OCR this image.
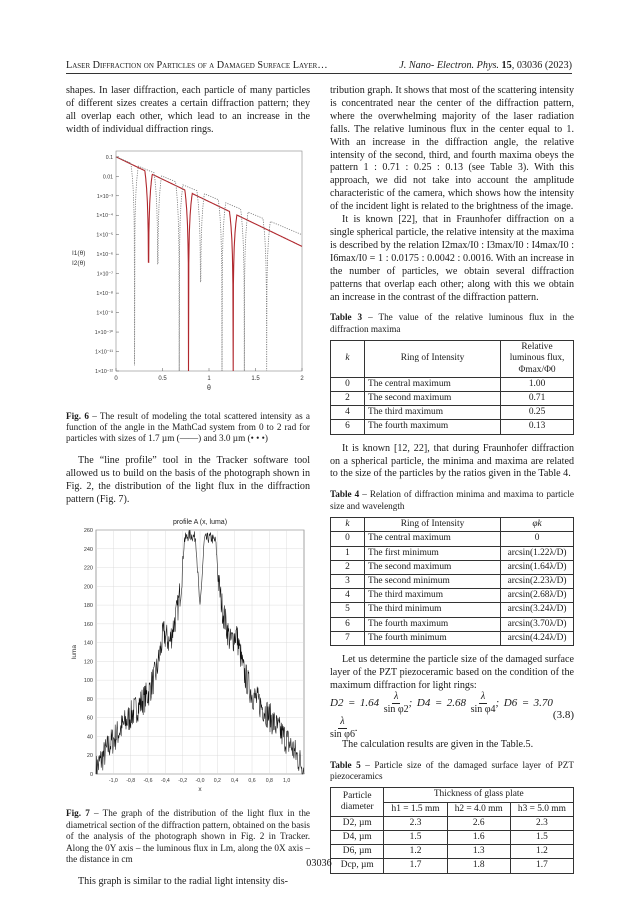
Laser Diffraction on Particles of a Damaged Surface Layer…	J. Nano- Electron. Phys. 15, 03036 (2023)

shapes. In laser diffraction, each particle of many particles of different sizes creates a certain diffraction pattern; they all overlap each other, which lead to an increase in the width of individual diffraction rings.

0.1
0.01
1×10⁻³
1×10⁻⁴
1×10⁻⁵
1×10⁻⁶
1×10⁻⁷
1×10⁻⁸
1×10⁻⁹
1×10⁻¹⁰
1×10⁻¹¹
1×10⁻¹²
0	0.5	1	1.5	2
θ
I1(θ)
I2(θ)

Fig. 6 – The result of modeling the total scattered intensity as a function of the angle in the MathCad system from 0 to 2 rad for particles with sizes of 1.7 µm (――) and 3.0 µm (• • •)

The “line profile” tool in the Tracker software tool allowed us to build on the basis of the photograph shown in Fig. 2, the distribution of the light flux in the diffraction pattern (Fig. 7).

profile A (x, luma)
0
20
40
60
80
100
120
140
160
180
200
220
240
260
-1,0 -0,8 -0,6 -0,4 -0,2 -0,0 0,2 0,4 0,6 0,8 1,0
x
luma

Fig. 7 – The graph of the distribution of the light flux in the diametrical section of the diffraction pattern, obtained on the basis of the analysis of the photograph shown in Fig. 2 in Tracker. Along the 0Y axis – the luminous flux in Lm, along the 0X axis – the distance in cm

This graph is similar to the radial light intensity dis-

tribution graph. It shows that most of the scattering intensity is concentrated near the center of the diffraction pattern, where the overwhelming majority of the laser radiation falls. The relative luminous flux in the center equal to 1. With an increase in the diffraction angle, the relative intensity of the second, third, and fourth maxima obeys the pattern 1 : 0.71 : 0.25 : 0.13 (see Table 3). With this approach, we did not take into account the amplitude characteristic of the camera, which shows how the intensity of the incident light is related to the brightness of the image.

It is known [22], that in Fraunhofer diffraction on a single spherical particle, the relative intensity at the maxima is described by the relation I2max/I0 : I3max/I0 : I4max/I0 : I6max/I0 = 1 : 0.0175 : 0.0042 : 0.0016. With an increase in the number of particles, we obtain several diffraction patterns that overlap each other; along with this we obtain an increase in the contrast of the diffraction pattern.

Table 3 – The value of the relative luminous flux in the diffraction maxima

k	Ring of Intensity	Relative luminous flux, Φmax/Φ0
0	The central maximum	1.00
2	The second maximum	0.71
4	The third maximum	0.25
6	The fourth maximum	0.13

It is known [12, 22], that during Fraunhofer diffraction on a spherical particle, the minima and maxima are related to the size of the particles by the ratios given in the Table 4.

Table 4 – Relation of diffraction minima and maxima to particle size and wavelength

k	Ring of Intensity	φk
0	The central maximum	0
1	The first minimum	arcsin(1.22λ/D)
2	The second maximum	arcsin(1.64λ/D)
3	The second minimum	arcsin(2.23λ/D)
4	The third maximum	arcsin(2.68λ/D)
5	The third minimum	arcsin(3.24λ/D)
6	The fourth maximum	arcsin(3.70λ/D)
7	The fourth minimum	arcsin(4.24λ/D)

Let us determine the particle size of the damaged surface layer of the PZT piezoceramic based on the condition of the maximum diffraction for light rings:

$D2 = 1.64 \frac{\lambda}{\text{sin φ2}}$ ; $D4 = 2.68 \frac{\lambda}{\text{sin φ4}}$ ; D6 = 3.70
$\frac{\lambda}{\text{sin φ6}}$ .
(3.8)

The calculation results are given in the Table.5.

Table 5 – Particle size of the damaged surface layer of PZT piezoceramics

Particle diameter	Thickness of glass plate		
	h1 = 1.5 mm	h2 = 4.0 mm	h3 = 5.0 mm
D2, µm	2.3	2.6	2.3
D4, µm	1.5	1.6	1.5
D6, µm	1.2	1.3	1.2
Dcp, µm	1.7	1.8	1.7
03036
